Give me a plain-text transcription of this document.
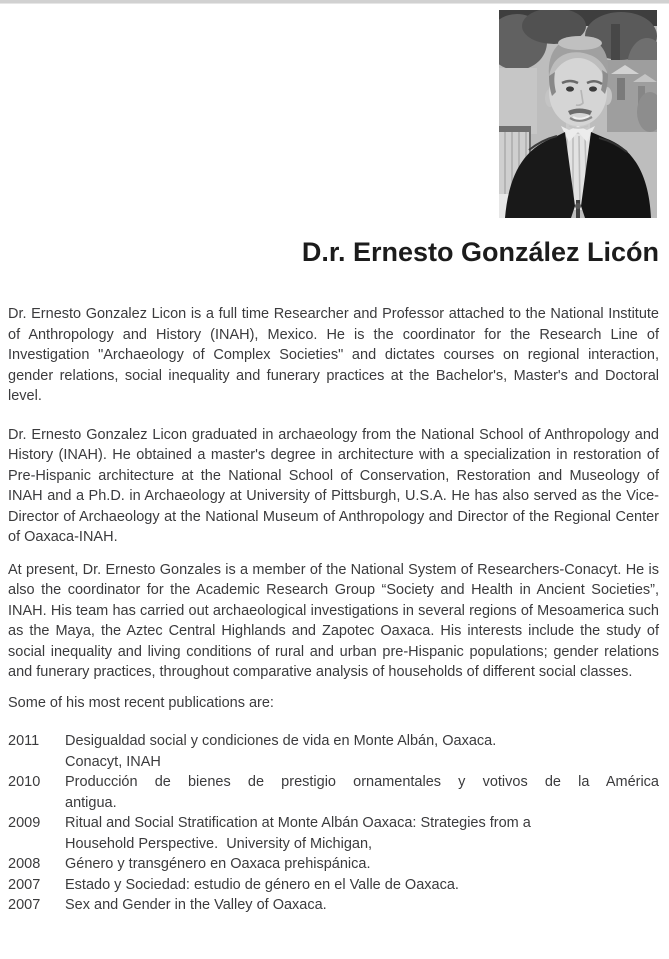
D.r. Ernesto González Licón

Dr. Ernesto Gonzalez Licon is a full time Researcher and Professor attached to the National Institute of Anthropology and History (INAH), Mexico. He is the coordinator for the Research Line of Investigation "Archaeology of Complex Societies" and dictates courses on regional interaction, gender relations, social inequality and funerary practices at the Bachelor's, Master's and Doctoral level.

Dr. Ernesto Gonzalez Licon graduated in archaeology from the National School of Anthropology and History (INAH). He obtained a master's degree in architecture with a specialization in restoration of Pre-Hispanic architecture at the National School of Conservation, Restoration and Museology of INAH and a Ph.D. in Archaeology at University of Pittsburgh, U.S.A. He has also served as the Vice-Director of Archaeology at the National Museum of Anthropology and Director of the Regional Center of Oaxaca-INAH.

At present, Dr. Ernesto Gonzales is a member of the National System of Researchers-Conacyt. He is also the coordinator for the Academic Research Group “Society and Health in Ancient Societies”, INAH. His team has carried out archaeological investigations in several regions of Mesoamerica such as the Maya, the Aztec Central Highlands and Zapotec Oaxaca. His interests include the study of social inequality and living conditions of rural and urban pre-Hispanic populations; gender relations and funerary practices, throughout comparative analysis of households of different social classes.

Some of his most recent publications are:

2011	Desigualdad social y condiciones de vida en Monte Albán, Oaxaca.
Conacyt, INAH
2010	Producción de bienes de prestigio ornamentales y votivos de la América
antigua.
2009	Ritual and Social Stratification at Monte Albán Oaxaca: Strategies from a
Household Perspective.  University of Michigan,
2008	Género y transgénero en Oaxaca prehispánica.
2007	Estado y Sociedad: estudio de género en el Valle de Oaxaca.
2007	Sex and Gender in the Valley of Oaxaca.
